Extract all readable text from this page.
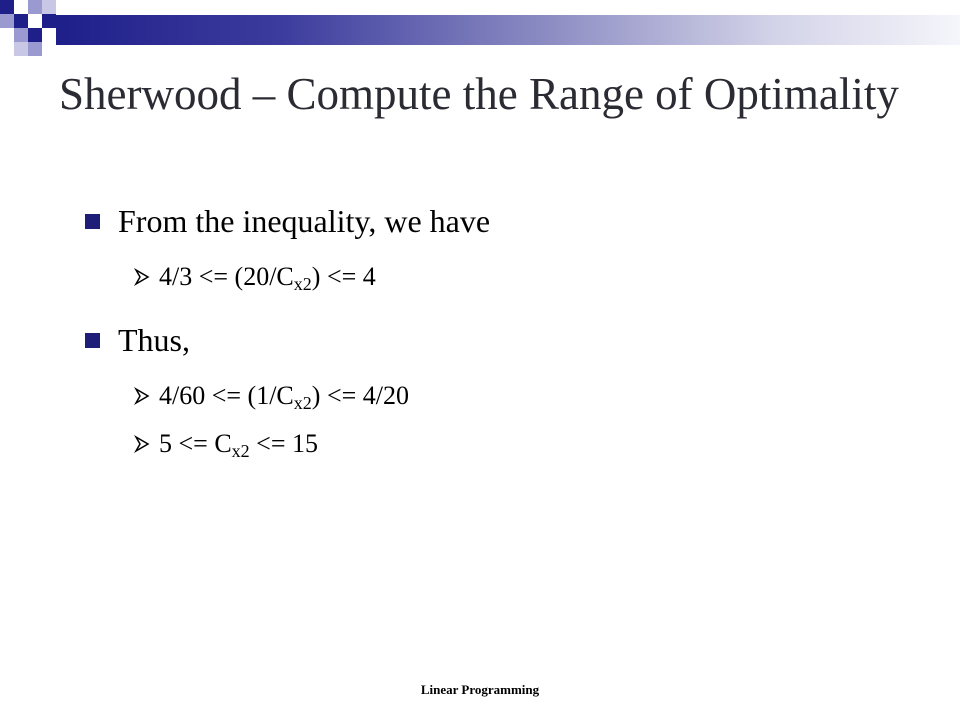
Sherwood – Compute the Range of Optimality
From the inequality, we have
$4/3 <= (20/C_{x2}) <= 4$
Thus,
$4/60 <= (1/C_{x2}) <= 4/20$
$5 <= C_{x2} <= 15$
Linear Programming
